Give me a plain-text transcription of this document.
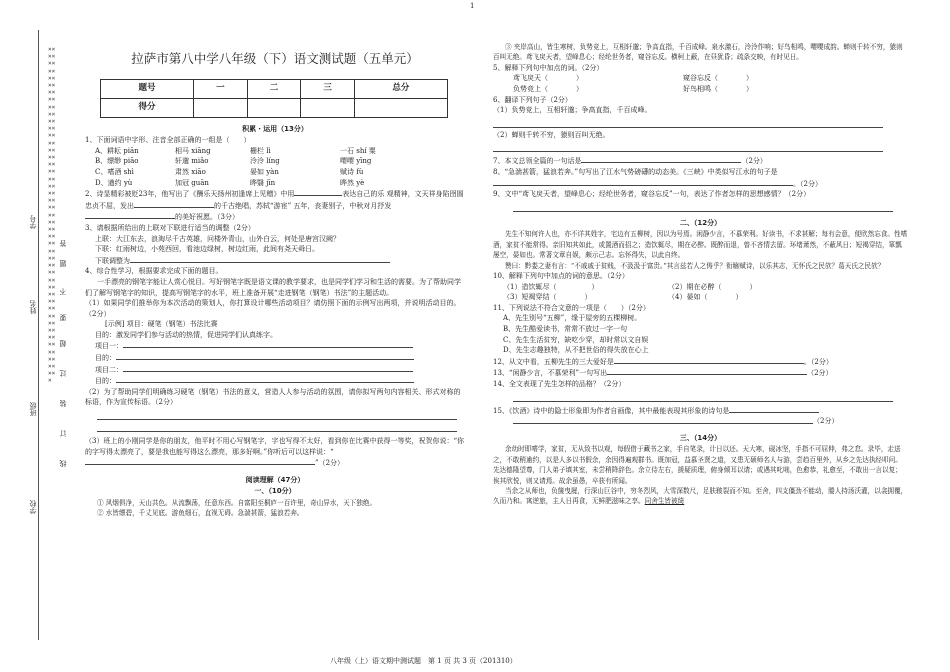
1
×××××××××××××××××××××××××××××××××××××××××××××××××××××××××××××××××××××××××××××××××××××××××××××
学号
姓名
班级
学校
答
题
不
要
超
过
装
订
线
拉萨市第八中学八年级（下）语文测试题（五单元）
题号	一	二	三	总分
得分				
积累・运用（13分）

1、下面词语中字形、注音全部正确的一组是（　　）

A、耕耘 piān	相马 xiāng	栅栏 lì	一石 shí 粟
B、缥缈 piāo	轩邈 miǎo	泠泠 líng	嘤嘤 yīng
C、嗜酒 shì	肃然 xiāo	晏如 yàn	赋诗 fù
D、遒约 yù	加冠 guān	晔翳 jīn	晔然 yè

2、诗显精彩被贬23年，他写出了《酬乐天扬州初逢席上见赠》中用	表达自己的乐 观精神，文天祥身陷囹圄忠贞不屈，发出	的千古绝唱，苏轼“游宦” 五年，丧妻别子，中秋对月抒发的美好祝愿。（3分）

3、请根据所给出的上联对下联进行适当的调整（2分）

上联：大江东去，浪淘尽千古英雄，问楼外青山，山外白云，何处是唐宫汉阙？

下联：红雨树边，小苑西回，看池边绿树，树边红雨，此间有尧天舜日。

下联调整为

4、综合性学习，根据要求完成下面的题目。

一手漂亮的钢笔字能让人赏心悦目。写好钢笔字既是语文课的教学要求，也是同学们学习和生活的需要。为了帮助同学们了解写钢笔字的知识，提高写钢笔字的水平，班上准备开展“走进钢笔（钢笔）书法”的主题活动。

（1）如果同学们推举你为本次活动的策划人，你打算设计哪些活动项目？请仿照下面的示例写出两项，并说明活动目的。（2分）

[示例] 项目：硬笔（钢笔）书法比赛

目的：激发同学们参与活动的热情，促进同学们认真练字。

项目一：

目的：

项目二：

目的：

（2）为了帮助同学们明确练习硬笔（钢笔）书法的意义，营造人人参与活动的氛围，请你拟写两句内容相关、形式对称的标语，作为宣传标语。（2分）

（3）班上的小刚同学是你的朋友，他平时不用心写钢笔字，字也写得不太好，看到你在比赛中获得一等奖，祝贺你说：“你的字写得太漂亮了，要是我也能写得这么漂亮，那多好啊。”你听后可以这样说：“”（2分）

阅读理解（47分）
一、（10分）

① 风烟俱净，天山共色。从流飘荡，任意东西。自富阳至桐庐一百许里，奇山异水，天下独绝。

② 水皆缥碧，千丈见底。游鱼细石，直视无碍。急湍甚箭，猛浪若奔。

③ 夹岸高山，皆生寒树，负势竞上，互相轩邈；争高直指，千百成峰。泉水激石，泠泠作响；好鸟相鸣，嘤嘤成韵。蝉则千转不穷，猿则百叫无绝。鸢飞戾天者，望峰息心；经纶世务者，窥谷忘反。横柯上蔽，在昼犹昏；疏条交映，有时见日。

5、解释下列句中加点的词。（2分）

鸢飞戾天（　　　　）	窥谷忘反（　　　　）
负势竞上（　　　　）	好鸟相鸣（　　　　）

6、翻译下列句子（2分）

（1）负势竞上，互相轩邈；争高直指，千百成峰。

（2）蝉则千转不穷，猿则百叫无绝。

7、本文总领全篇的一句话是	（2分）

8、“急湍甚箭，猛浪若奔。”句写出了江水气势磅礴的动态美。《三峡》中类似写江水的句子是。（2分）

9、文中“鸢飞戾天者，望峰息心；经纶世务者，窥谷忘反”一句，表达了作者怎样的思想感情？（2分）

二、（12分）

先生不知何许人也，亦不详其姓字，宅边有五柳树，因以为号焉。闲静少言，不慕荣利。好读书，不求甚解；每有会意，便欣然忘食。性嗜酒，家贫不能常得。亲旧知其如此，或置酒而招之；造饮辄尽，期在必醉。既醉而退，曾不吝情去留。环堵萧然，不蔽风日；短褐穿结，箪瓢屡空，晏如也。常著文章自娱，颇示己志。忘怀得失，以此自终。

赞曰：黔娄之妻有言：“不戚戚于贫贱，不汲汲于富贵。”其言兹若人之俦乎？衔觞赋诗，以乐其志，无怀氏之民欤？葛天氏之民欤？

10、解释下列句中加点的词的意思。（2分）

（1）造饮辄尽（　　　　　）	（2）期在必醉（　　　　）
（3）短褐穿结（　　　　）	（4）晏如（　　　　）

11、下列说法不符合文意的一项是（　　）（2分）

A、先生别号“五柳”，缘于屋旁的五棵柳树。

B、先生酷爱读书，常常不放过一字一句

C、先生生活贫穷，缺吃少穿，却时常以文自娱

D、先生志趣独特，从不把世俗的得失放在心上

12、从文中看，五柳先生的三大爱好是	。（2分）

13、“闲静少言，不慕荣利”一句写出	（2分）

14、全文表现了先生怎样的品格？（2分）

15、《饮酒》诗中的隐士形象即为作者自画像，其中最能表现其形象的诗句是

（2分）
三、（14分）

余幼时即嗜学，家贫，无从致书以观，每假借于藏书之家，手自笔录，计日以还。天大寒，砚冰坚，手指不可屈伸，弗之怠。录毕，走送之，不敢稍逾约，以是人多以书假余，余因得遍观群书。既加冠，益慕圣贤之道，又患无硕师名人与游，尝趋百里外，从乡之先达执经叩问。先达德隆望尊，门人弟子填其室，未尝稍降辞色。余立侍左右，援疑质理，俯身倾耳以请；或遇其叱咄，色愈恭，礼愈至，不敢出一言以复；俟其欣悦，则又请焉。故余虽愚，卒获有所闻。

当余之从师也，负箧曳屣，行深山巨谷中，穷冬烈风，大雪深数尺，足肤皲裂而不知。至舍，四支僵劲不能动，媵人持汤沃灌，以衾拥覆，久而乃和。寓逆旅，主人日再食，无鲜肥滋味之享。同舍生皆被绮

八年级（上）语文期中测试题　第 1 页 共 3 页（201310）
